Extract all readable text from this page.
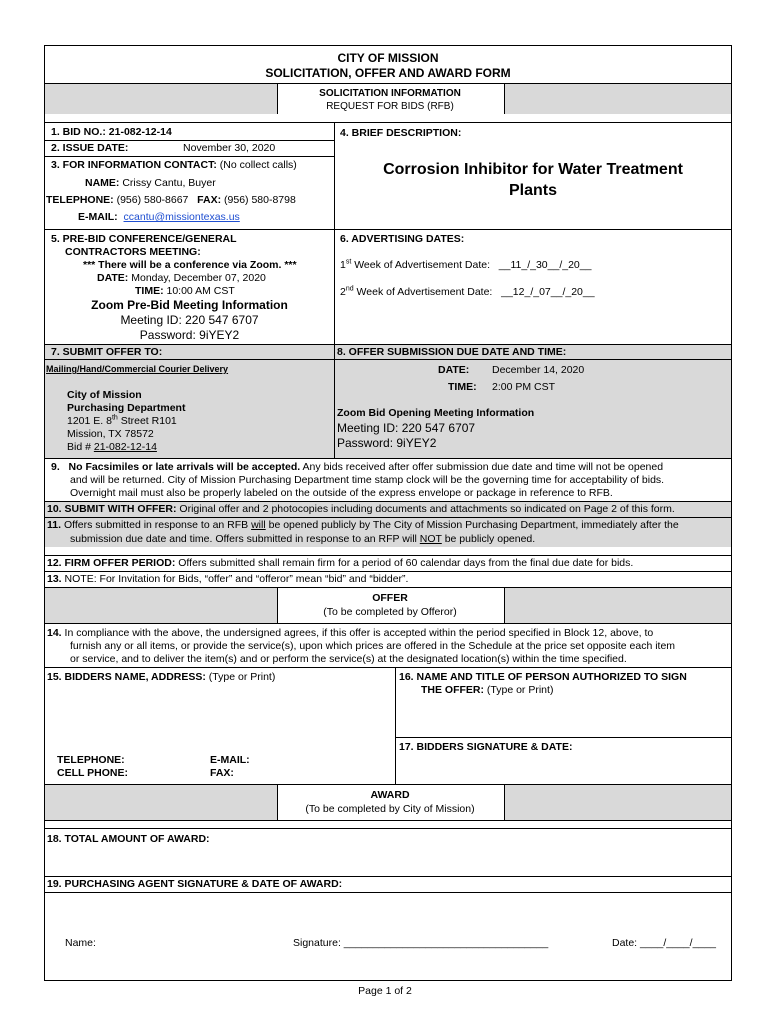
CITY OF MISSION
SOLICITATION, OFFER AND AWARD FORM
SOLICITATION INFORMATION
REQUEST FOR BIDS (RFB)
1. BID NO.: 21-082-12-14
2. ISSUE DATE:	November 30, 2020
3. FOR INFORMATION CONTACT: (No collect calls)
NAME: Crissy Cantu, Buyer
TELEPHONE: (956) 580-8667 FAX: (956) 580-8798
E-MAIL: ccantu@missiontexas.us
4. BRIEF DESCRIPTION:
Corrosion Inhibitor for Water Treatment
Plants
5. PRE-BID CONFERENCE/GENERAL
CONTRACTORS MEETING:
*** There will be a conference via Zoom. ***
DATE: Monday, December 07, 2020
TIME: 10:00 AM CST
Zoom Pre-Bid Meeting Information
Meeting ID: 220 547 6707
Password: 9iYEY2
6. ADVERTISING DATES:
1st Week of Advertisement Date: __11_/_30__/_20__
2nd Week of Advertisement Date: __12_/_07__/_20__
7. SUBMIT OFFER TO:
Mailing/Hand/Commercial Courier Delivery
City of Mission
Purchasing Department
1201 E. 8th Street R101
Mission, TX 78572
Bid # 21-082-12-14
8. OFFER SUBMISSION DUE DATE AND TIME:
DATE: December 14, 2020
TIME: 2:00 PM CST
Zoom Bid Opening Meeting Information
Meeting ID: 220 547 6707
Password: 9iYEY2
9. No Facsimiles or late arrivals will be accepted. Any bids received after offer submission due date and time will not be opened
and will be returned. City of Mission Purchasing Department time stamp clock will be the governing time for acceptability of bids.
Overnight mail must also be properly labeled on the outside of the express envelope or package in reference to RFB.
10. SUBMIT WITH OFFER: Original offer and 2 photocopies including documents and attachments so indicated on Page 2 of this form.
11. Offers submitted in response to an RFB will be opened publicly by The City of Mission Purchasing Department, immediately after the
submission due date and time. Offers submitted in response to an RFP will NOT be publicly opened.
12. FIRM OFFER PERIOD: Offers submitted shall remain firm for a period of 60 calendar days from the final due date for bids.
13. NOTE: For Invitation for Bids, “offer” and “offeror” mean “bid” and “bidder”.
OFFER
(To be completed by Offeror)
14. In compliance with the above, the undersigned agrees, if this offer is accepted within the period specified in Block 12, above, to
furnish any or all items, or provide the service(s), upon which prices are offered in the Schedule at the price set opposite each item
or service, and to deliver the item(s) and or perform the service(s) at the designated location(s) within the time specified.
15. BIDDERS NAME, ADDRESS: (Type or Print)
TELEPHONE:
CELL PHONE:
E-MAIL:
FAX:
16. NAME AND TITLE OF PERSON AUTHORIZED TO SIGN
THE OFFER: (Type or Print)
17. BIDDERS SIGNATURE & DATE:
AWARD
(To be completed by City of Mission)
18. TOTAL AMOUNT OF AWARD:
19. PURCHASING AGENT SIGNATURE & DATE OF AWARD:
Name:	Signature: ___________________________________	Date: ____/____/____
Page 1 of 2
